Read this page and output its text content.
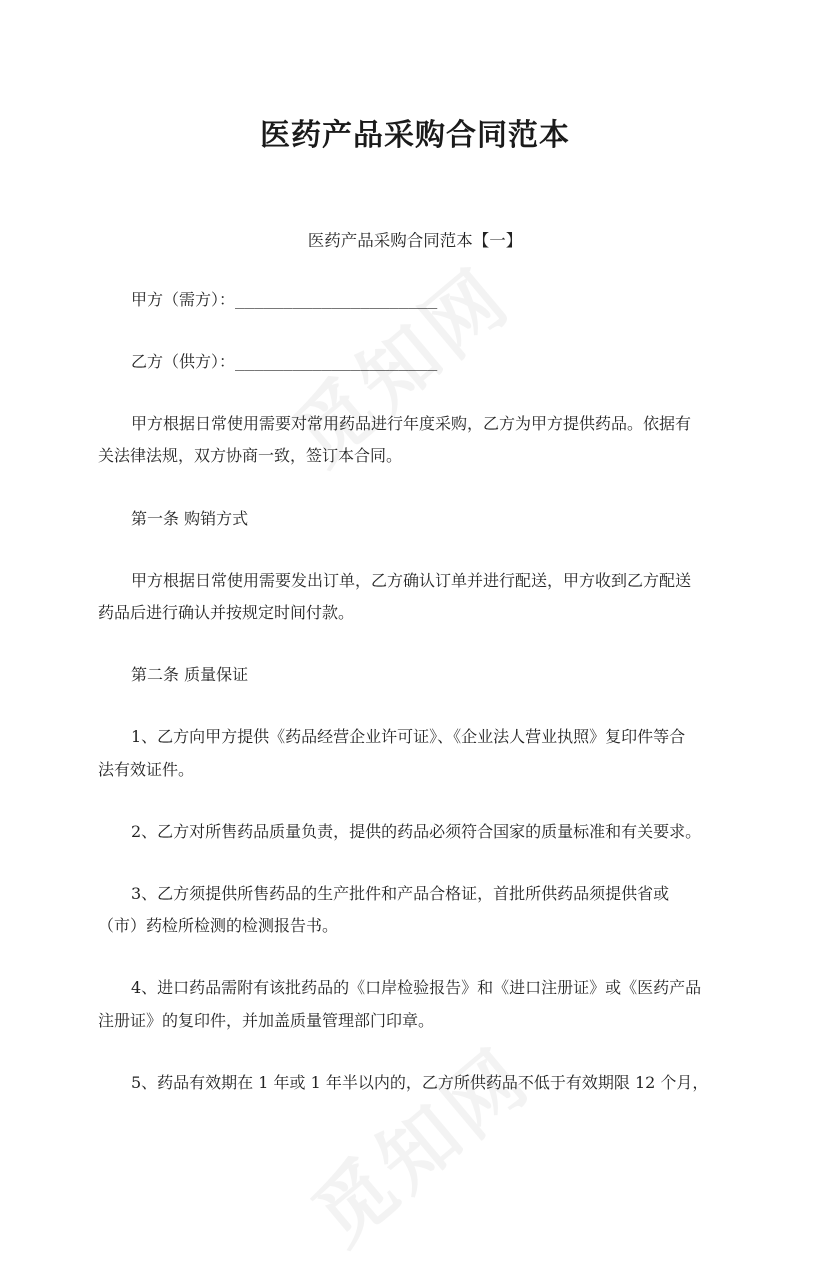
医药产品采购合同范本
医药产品采购合同范本【一】
甲方（需方）：_____________________
乙方（供方）：_____________________
甲方根据日常使用需要对常用药品进行年度采购，乙方为甲方提供药品。依据有
关法律法规，双方协商一致，签订本合同。
第一条 购销方式
甲方根据日常使用需要发出订单，乙方确认订单并进行配送，甲方收到乙方配送
药品后进行确认并按规定时间付款。
第二条 质量保证
1、乙方向甲方提供《药品经营企业许可证》、《企业法人营业执照》复印件等合
法有效证件。
2、乙方对所售药品质量负责，提供的药品必须符合国家的质量标准和有关要求。
3、乙方须提供所售药品的生产批件和产品合格证，首批所供药品须提供省或
（市）药检所检测的检测报告书。
4、进口药品需附有该批药品的《口岸检验报告》和《进口注册证》或《医药产品
注册证》的复印件，并加盖质量管理部门印章。
5、药品有效期在 1 年或 1 年半以内的，乙方所供药品不低于有效期限 12 个月，
